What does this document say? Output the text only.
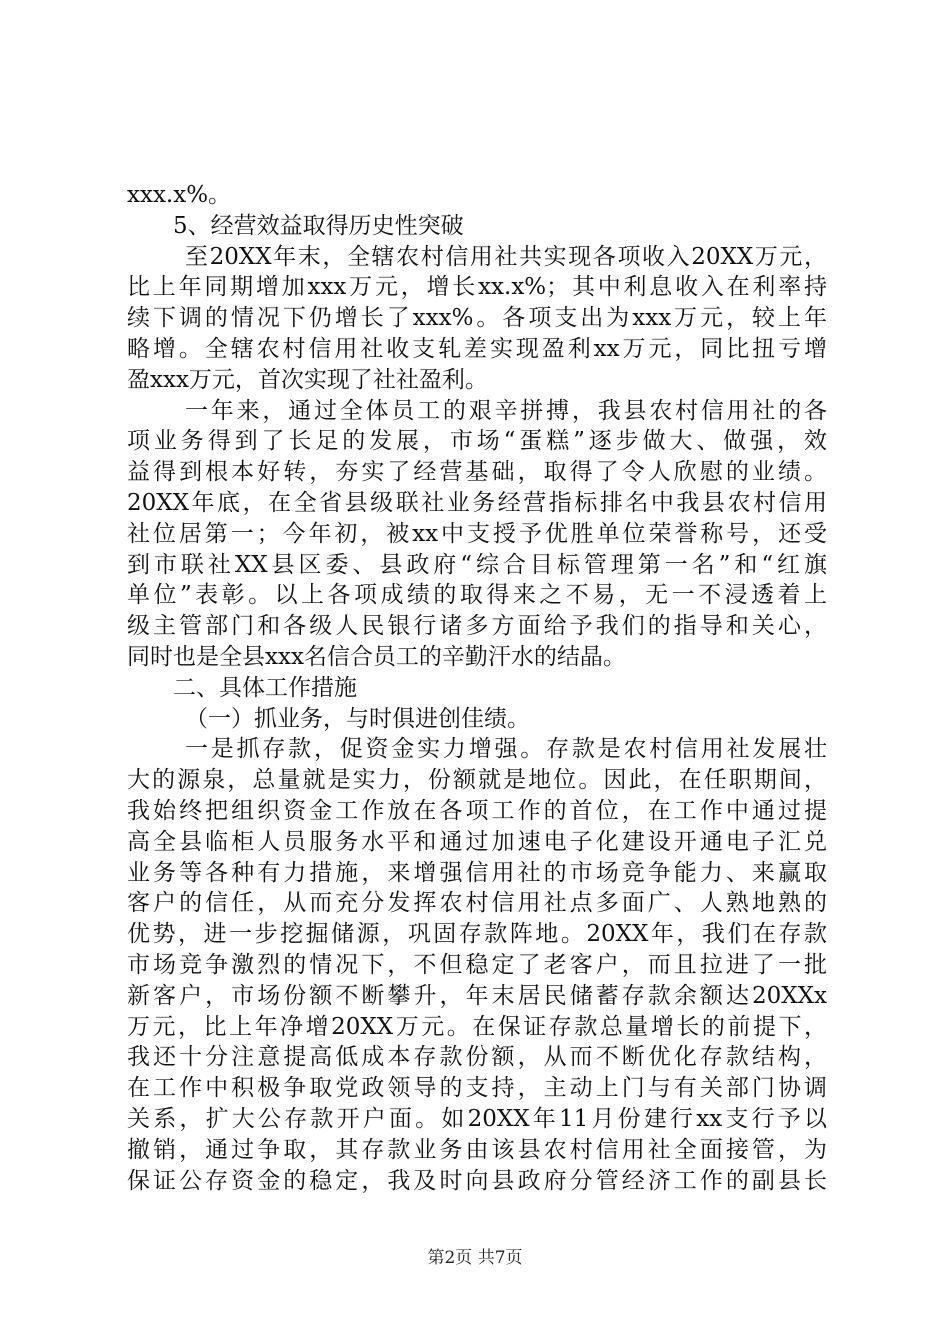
xxx.x%。
5、经营效益取得历史性突破
至20XX年末，全辖农村信用社共实现各项收入20XX万元，
比上年同期增加xxx万元，增长xx.x%；其中利息收入在利率持
续下调的情况下仍增长了xxx%。各项支出为xxx万元，较上年
略增。全辖农村信用社收支轧差实现盈利xx万元，同比扭亏增
盈xxx万元，首次实现了社社盈利。
一年来，通过全体员工的艰辛拼搏，我县农村信用社的各
项业务得到了长足的发展，市场“蛋糕”逐步做大、做强，效
益得到根本好转，夯实了经营基础，取得了令人欣慰的业绩。
20XX年底，在全省县级联社业务经营指标排名中我县农村信用
社位居第一；今年初，被xx中支授予优胜单位荣誉称号，还受
到市联社XX县区委、县政府“综合目标管理第一名”和“红旗
单位”表彰。以上各项成绩的取得来之不易，无一不浸透着上
级主管部门和各级人民银行诸多方面给予我们的指导和关心，
同时也是全县xxx名信合员工的辛勤汗水的结晶。
二、具体工作措施
（一）抓业务，与时俱进创佳绩。
一是抓存款，促资金实力增强。存款是农村信用社发展壮
大的源泉，总量就是实力，份额就是地位。因此，在任职期间，
我始终把组织资金工作放在各项工作的首位，在工作中通过提
高全县临柜人员服务水平和通过加速电子化建设开通电子汇兑
业务等各种有力措施，来增强信用社的市场竞争能力、来赢取
客户的信任，从而充分发挥农村信用社点多面广、人熟地熟的
优势，进一步挖掘储源，巩固存款阵地。20XX年，我们在存款
市场竞争激烈的情况下，不但稳定了老客户，而且拉进了一批
新客户，市场份额不断攀升，年末居民储蓄存款余额达20XXx
万元，比上年净增20XX万元。在保证存款总量增长的前提下，
我还十分注意提高低成本存款份额，从而不断优化存款结构，
在工作中积极争取党政领导的支持，主动上门与有关部门协调
关系，扩大公存款开户面。如20XX年11月份建行xx支行予以
撤销，通过争取，其存款业务由该县农村信用社全面接管，为
保证公存资金的稳定，我及时向县政府分管经济工作的副县长
第2页 共7页
